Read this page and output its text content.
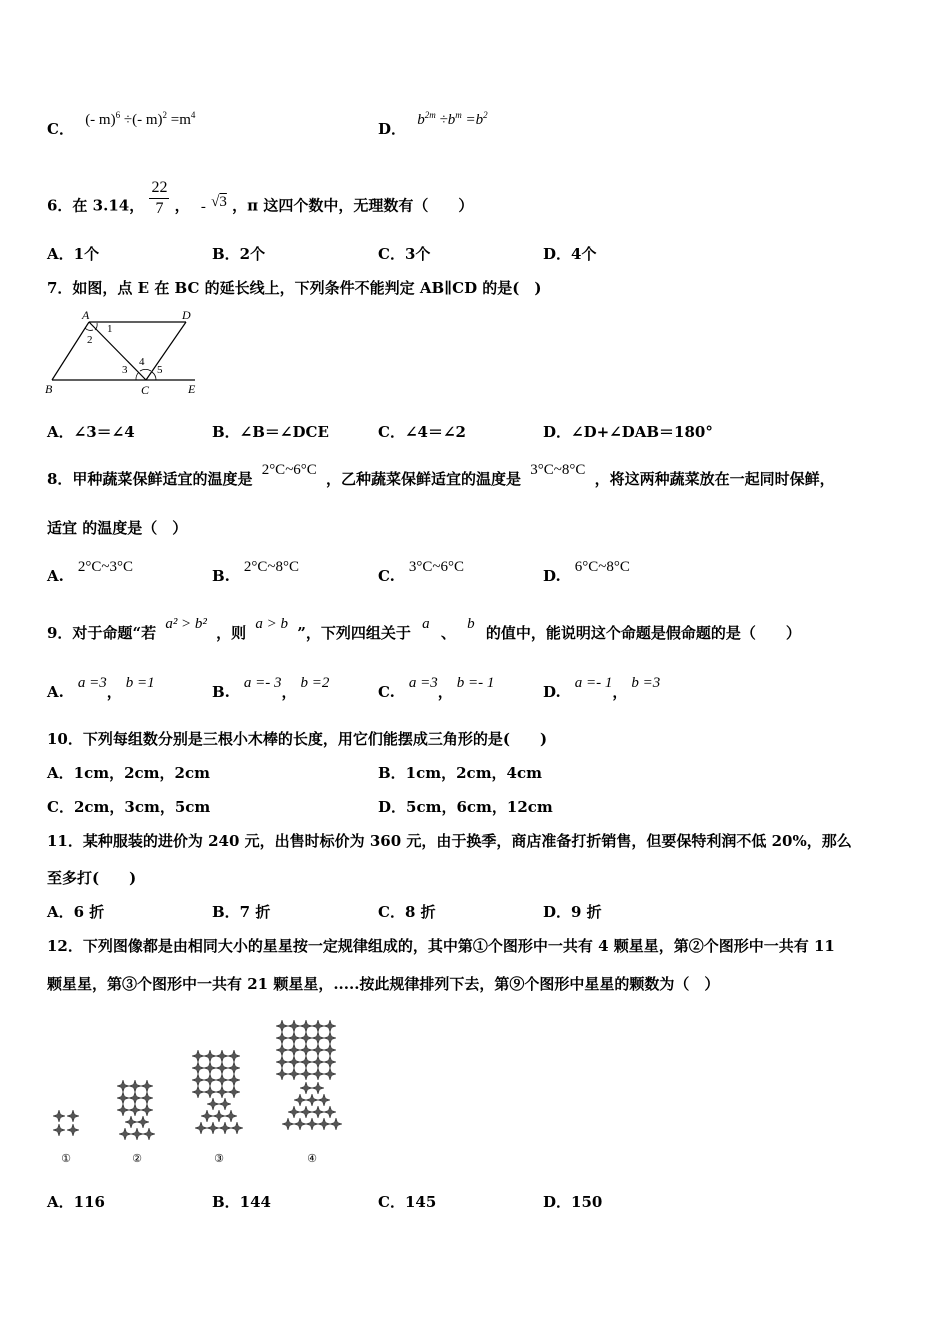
C． (- m)$^6$ ÷(- $m)^2 =m^4$
D． $b^{2m} \div b^m =b^2$
6．在 3.14， $\frac{22}{7}$ ， - √3 ，π 这四个数中，无理数有（　　）
A．1个	B．2个	C．3个	D．4个
7．如图，点 E 在 BC 的延长线上，下列条件不能判定 AB∥CD 的是(　)
A	D
B	C	E
1
2
3
4
5
A．∠3＝∠4	B．∠B＝∠DCE	C．∠4＝∠2	D．∠D+∠DAB＝180°
8．甲种蔬菜保鲜适宜的温度是 2°C~6°C ，乙种蔬菜保鲜适宜的温度是 3°C~8°C ，将这两种蔬菜放在一起同时保鲜，
适宜 的温度是（　）
A. 2°C~3°C	B. 2°C~8°C	C. 3°C~6°C	D. 6°C~8°C
9．对于命题“若 a² > b² ，则 a > b ”，下列四组关于 a 、 b 的值中，能说明这个命题是假命题的是（　　）
A. a =3， b =1	B. a =- 3， b =2	C. a =3， b =- 1	D. a =- 1， b =3
10．下列每组数分别是三根小木棒的长度，用它们能摆成三角形的是(　　)
A．1cm，2cm，2cm	B．1cm，2cm，4cm
C．2cm，3cm，5cm	D．5cm，6cm，12cm
11．某种服装的进价为 240 元，出售时标价为 360 元，由于换季，商店准备打折销售，但要保特利润不低 20%，那么
至多打(　　)
A．6 折	B．7 折	C．8 折	D．9 折
12．下列图像都是由相同大小的星星按一定规律组成的，其中第①个图形中一共有 4 颗星星，第②个图形中一共有 11
颗星星，第③个图形中一共有 21 颗星星，.....按此规律排列下去，第⑨个图形中星星的颗数为（　）
①	②	③	④
A．116	B．144	C．145	D．150
